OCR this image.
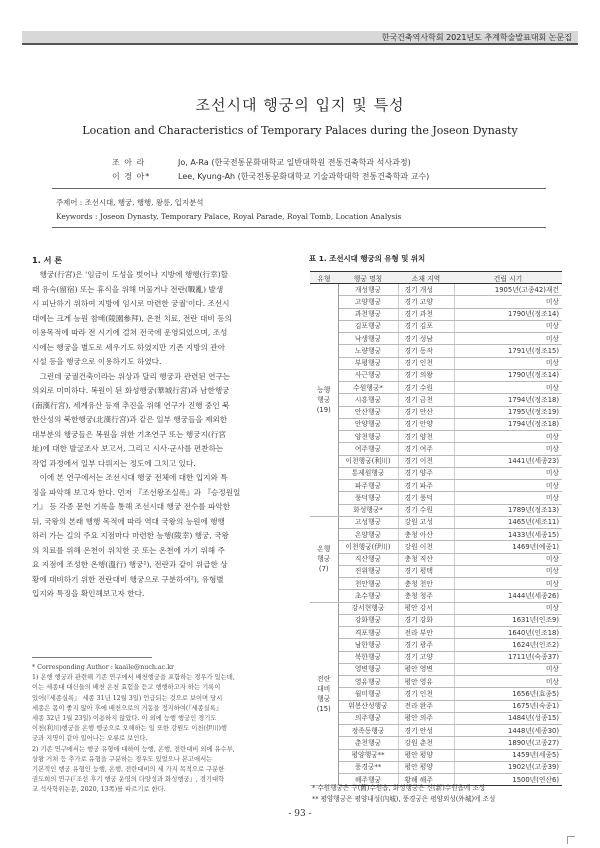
한국건축역사학회 2021년도 추계학술발표대회 논문집
조선시대 행궁의 입지 및 특성
Location and Characteristics of Temporary Palaces during the Joseon Dynasty
조 아 라	Jo, A-Ra (한국전통문화대학교 일반대학원 전통건축학과 석사과정)
이 경 아*	Lee, Kyung-Ah (한국전통문화대학교 기술과학대학 전통건축학과 교수)
주제어 : 조선시대, 행궁, 행행, 왕릉, 입지분석
Keywords : Joseon Dynasty, Temporary Palace, Royal Parade, Royal Tomb, Location Analysis
1. 서 론
　행궁(行宮)은 '임금이 도성을 벗어나 지방에 행행(行幸)할
때 유숙(留宿) 또는 휴식을 위해 머물거나 전란(戰亂) 발생
시 피난하기 위하여 지방에 임시로 마련한 궁궐'이다. 조선시
대에는 크게 능원 참배(陵園參拜), 온천 치료, 전란 대비 등의
이용목적에 따라 전 시기에 걸쳐 전국에 운영되었으며, 조성
시에는 행궁을 별도로 세우기도 하였지만 기존 지방의 관아
시설 등을 행궁으로 이용하기도 하였다.
　그런데 궁궐건축이라는 위상과 달리 행궁과 관련된 연구는
의외로 미미하다. 복원이 된 화성행궁(華城行宮)과 남한행궁
(南漢行宮), 세계유산 등재 추진을 위해 연구가 진행 중인 북
한산성의 북한행궁(北漢行宮)과 같은 일부 행궁들을 제외한
대부분의 행궁들은 복원을 위한 기초연구 또는 행궁지(行宮
址)에 대한 발굴조사 보고서, 그리고 시사·군사를 편찬하는
작업 과정에서 일부 다뤄지는 정도에 그치고 있다.
　이에 본 연구에서는 조선시대 행궁 전체에 대한 입지와 특
징을 파악해 보고자 한다. 먼저 『조선왕조실록』과 『승정원일
기』 등 각종 문헌 기록을 통해 조선시대 행궁 전수를 파악한
뒤, 국왕의 본래 행행 목적에 따라 역대 국왕의 능원에 행행
하러 가는 길의 주요 지점마다 마련한 능행(陵幸) 행궁, 국왕
의 치료를 위해 온천이 위치한 곳 또는 온천에 가기 위해 주
요 지점에 조성한 온행(溫行) 행궁¹), 전란과 같이 위급한 상
황에 대비하기 위한 전란대비 행궁으로 구분하여²), 유형별
입지와 특징을 확인해보고자 한다.
* Corresponding Author : kaaile@nuch.ac.kr
1) 온행 행궁과 관련해 기존 연구에서 배천행궁을 포함하는 경우가 있는데,
이는 세종대 대신들의 배천 온천 효험을 듣고 행행하고자 하는 기록이
있어(『세종실록』 세종 31년 12월 3일) 언급되는 것으로 보이며 당시
세종은 몸이 좋지 않아 후에 배천으로의 거동을 정지하여(『세종실록』
세종 32년 1월 23일) 이용하지 않았다. 이 외에 능행 행궁인 경기도
이천(利川)행궁을 온행 행궁으로 오해하는 일 또한 강원도 이천(伊川)행
궁과 지명이 같아 일어나는 오류로 보인다.
2) 기존 연구에서는 행궁 유형에 대하여 능행, 온행, 전란대비 외에 유수부,
상왕 거처 등 추가로 유형을 구분하는 경우도 있었으나 본고에서는
기본적인 행궁 유형인 능행, 온행, 전란대비의 세 가지 목적으로 구분한
권도희의 연구(『조선 후기 행궁 운영의 다양성과 화성행궁』, 경기대학
교 석사학위논문, 2020, 13쪽)를 따르기로 한다.
표 1. 조선시대 행궁의 유형 및 위치
유형	행궁 명칭	소재 지역	건립 시기

능행
행궁
(19)	개성행궁	경기 개성	1905년(고종42)재건
	고양행궁	경기 고양	미상
	과천행궁	경기 과천	1790년(정조14)
	김포행궁	경기 김포	미상
	낙생행궁	경기 성남	미상
	노량행궁	경기 동작	1791년(정조15)
	부평행궁	경기 인천	미상
	사근행궁	경기 의왕	1790년(정조14)
	수원행궁*	경기 수원	미상
	시흥행궁	경기 금천	1794년(정조18)
	안산행궁	경기 안산	1795년(정조19)
	안양행궁	경기 안양	1794년(정조18)
	양천행궁	경기 양천	미상
	여주행궁	경기 여주	미상
	이천행궁(利川)	경기 이천	1441년(세종23)
	통제원행궁	경기 양주	미상
	파주행궁	경기 파주	미상
	풍덕행궁	경기 풍덕	미상
	화성행궁*	경기 수원	1789년(정조13)

온행
행궁
(7)	고성행궁	강원 고성	1465년(세조11)
	온양행궁	충청 아산	1433년(세종15)
	이천행궁(伊川)	강원 이천	1469년(예종1)
	직산행궁	충청 직산	미상
	진위행궁	경기 평택	미상
	천안행궁	충청 천안	미상
	초수행궁	충청 청주	1444년(세종26)

전란
대비
행궁
(15)	강서현행궁	평안 강서	미상
	강화행궁	경기 강화	1631년(인조9)
	격포행궁	전라 부안	1640년(인조18)
	남한행궁	경기 광주	1624년(인조2)
	북한행궁	경기 고양	1711년(숙종37)
	영변행궁	평안 영변	미상
	영유행궁	평안 영유	미상
	월미행궁	경기 인천	1656년(효종5)
	위봉산성행궁	전라 완주	1675년(숙종1)
	의주행궁	평안 의주	1484년(성종15)
	정족동행궁	경기 안성	1448년(세종30)
	춘천행궁	강원 춘천	1890년(고종27)
	평양행궁**	평안 평양	1459년(세종5)
	풍경궁**	평안 평양	1902년(고종39)
	해주행궁	황해 해주	1500년(연산6)
* 수원행궁은 구(舊)수원읍, 화성행궁은 신(新)수원읍에 조성
** 평양행궁은 평양내성(內城), 풍경궁은 평양외성(外城)에 조성
- 93 -
